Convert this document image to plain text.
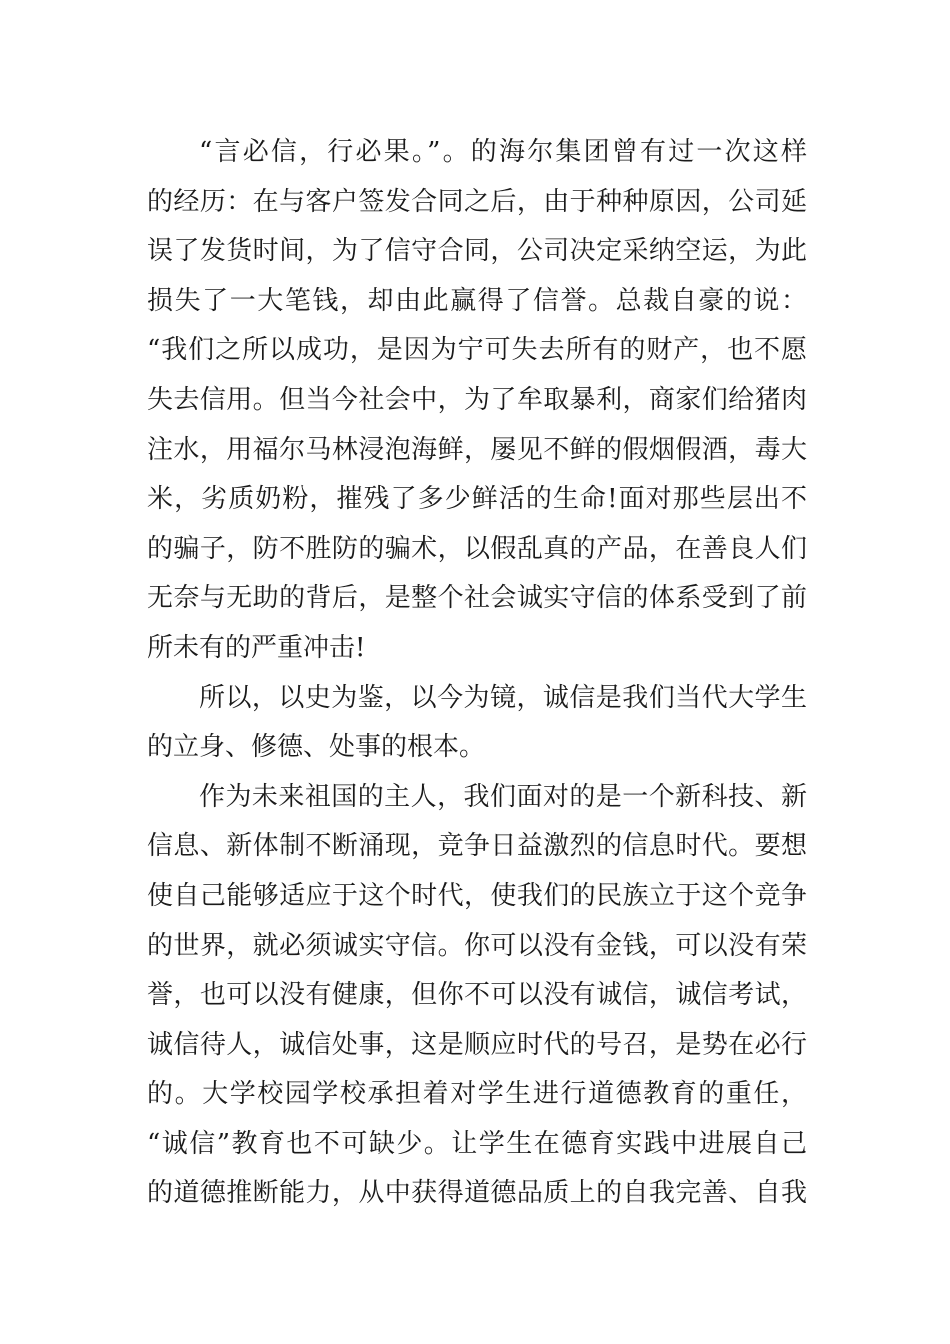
“言必信，行必果。”。的海尔集团曾有过一次这样
的经历：在与客户签发合同之后，由于种种原因，公司延
误了发货时间，为了信守合同，公司决定采纳空运，为此
损失了一大笔钱，却由此赢得了信誉。总裁自豪的说：
“我们之所以成功，是因为宁可失去所有的财产，也不愿
失去信用。但当今社会中，为了牟取暴利，商家们给猪肉
注水，用福尔马林浸泡海鲜，屡见不鲜的假烟假酒，毒大
米，劣质奶粉，摧残了多少鲜活的生命!面对那些层出不
的骗子，防不胜防的骗术，以假乱真的产品，在善良人们
无奈与无助的背后，是整个社会诚实守信的体系受到了前
所未有的严重冲击!
所以，以史为鉴，以今为镜，诚信是我们当代大学生
的立身、修德、处事的根本。
作为未来祖国的主人，我们面对的是一个新科技、新
信息、新体制不断涌现，竞争日益激烈的信息时代。要想
使自己能够适应于这个时代，使我们的民族立于这个竞争
的世界，就必须诚实守信。你可以没有金钱，可以没有荣
誉，也可以没有健康，但你不可以没有诚信，诚信考试，
诚信待人，诚信处事，这是顺应时代的号召，是势在必行
的。大学校园学校承担着对学生进行道德教育的重任，
“诚信”教育也不可缺少。让学生在德育实践中进展自己
的道德推断能力，从中获得道德品质上的自我完善、自我
